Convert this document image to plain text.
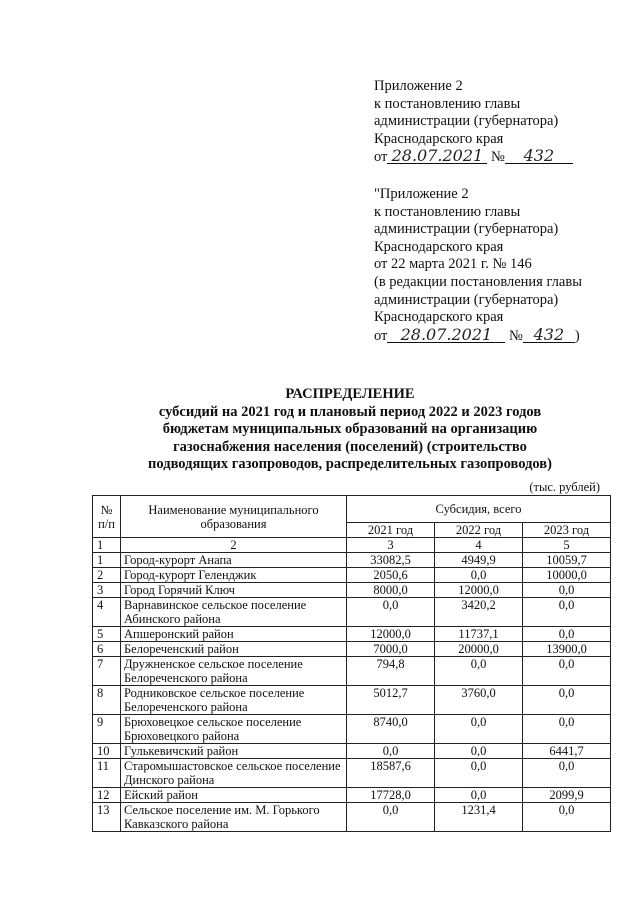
Приложение 2
к постановлению главы
администрации (губернатора)
Краснодарского края
от 28.07.2021 № 432
"Приложение 2
к постановлению главы
администрации (губернатора)
Краснодарского края
от 22 марта 2021 г. № 146
(в редакции постановления главы
администрации (губернатора)
Краснодарского края
от 28.07.2021 № 432 )
РАСПРЕДЕЛЕНИЕ
субсидий на 2021 год и плановый период 2022 и 2023 годов
бюджетам муниципальных образований на организацию
газоснабжения населения (поселений) (строительство
подводящих газопроводов, распределительных газопроводов)
(тыс. рублей)
№ п/п	Наименование муниципального образования	Субсидия, всего		
		2021 год	2022 год	2023 год
1	2	3	4	5
1	Город-курорт Анапа	33082,5	4949,9	10059,7
2	Город-курорт Геленджик	2050,6	0,0	10000,0
3	Город Горячий Ключ	8000,0	12000,0	0,0
4	Варнавинское сельское поселение Абинского района	0,0	3420,2	0,0
5	Апшеронский район	12000,0	11737,1	0,0
6	Белореченский район	7000,0	20000,0	13900,0
7	Дружненское сельское поселение Белореченского района	794,8	0,0	0,0
8	Родниковское сельское поселение Белореченского района	5012,7	3760,0	0,0
9	Брюховецкое сельское поселение Брюховецкого района	8740,0	0,0	0,0
10	Гулькевичский район	0,0	0,0	6441,7
11	Старомышастовское сельское поселение Динского района	18587,6	0,0	0,0
12	Ейский район	17728,0	0,0	2099,9
13	Сельское поселение им. М. Горького Кавказского района	0,0	1231,4	0,0
